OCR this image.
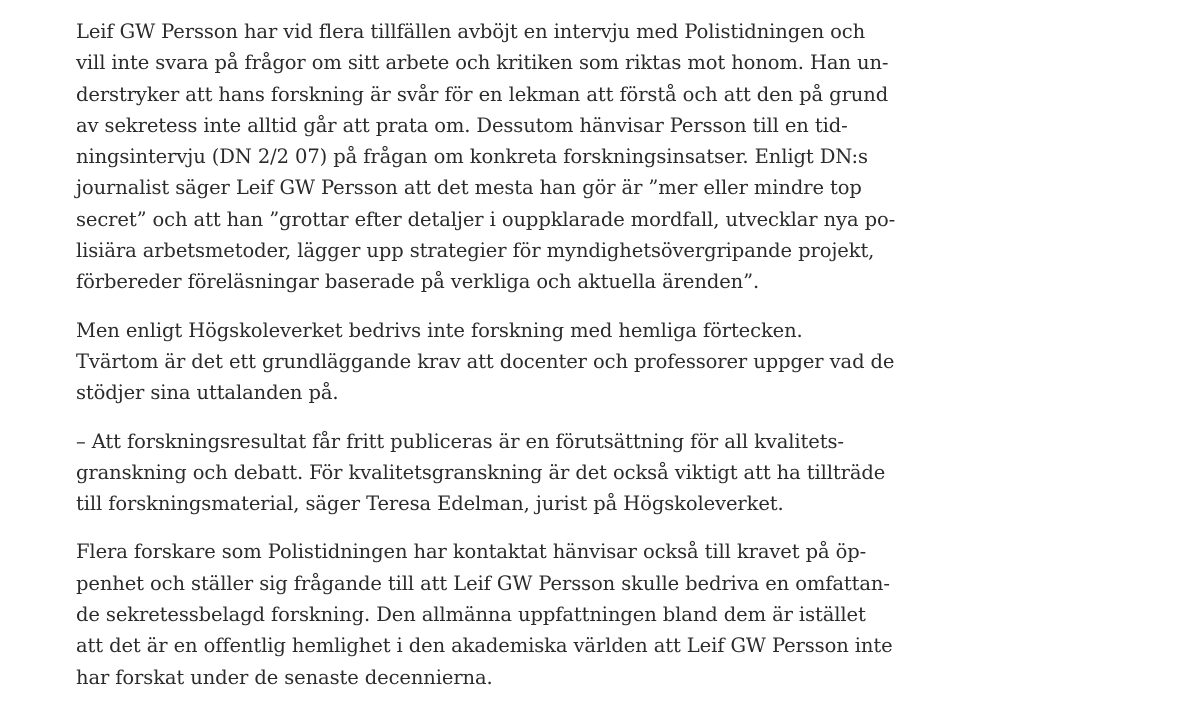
Leif GW Persson har vid flera tillfällen avböjt en intervju med Polistidningen och
vill inte svara på frågor om sitt arbete och kritiken som riktas mot honom. Han un-
derstryker att hans forskning är svår för en lekman att förstå och att den på grund
av sekretess inte alltid går att prata om. Dessutom hänvisar Persson till en tid-
ningsintervju (DN 2/2 07) på frågan om konkreta forskningsinsatser. Enligt DN:s
journalist säger Leif GW Persson att det mesta han gör är ”mer eller mindre top
secret” och att han ”grottar efter detaljer i ouppklarade mordfall, utvecklar nya po-
lisiära arbetsmetoder, lägger upp strategier för myndighetsövergripande projekt,
förbereder föreläsningar baserade på verkliga och aktuella ärenden”.

Men enligt Högskoleverket bedrivs inte forskning med hemliga förtecken.
Tvärtom är det ett grundläggande krav att docenter och professorer uppger vad de
stödjer sina uttalanden på.

– Att forskningsresultat får fritt publiceras är en förutsättning för all kvalitets-
granskning och debatt. För kvalitetsgranskning är det också viktigt att ha tillträde
till forskningsmaterial, säger Teresa Edelman, jurist på Högskoleverket.

Flera forskare som Polistidningen har kontaktat hänvisar också till kravet på öp-
penhet och ställer sig frågande till att Leif GW Persson skulle bedriva en omfattan-
de sekretessbelagd forskning. Den allmänna uppfattningen bland dem är istället
att det är en offentlig hemlighet i den akademiska världen att Leif GW Persson inte
har forskat under de senaste decennierna.
